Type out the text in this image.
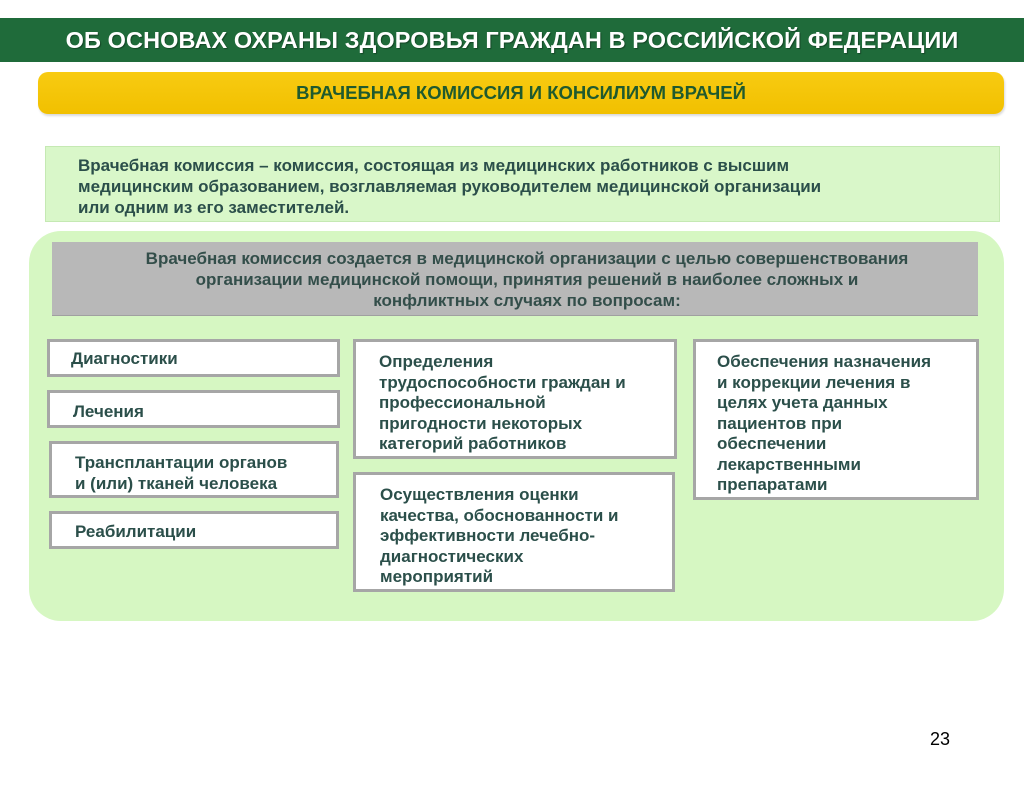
ОБ ОСНОВАХ ОХРАНЫ ЗДОРОВЬЯ ГРАЖДАН В РОССИЙСКОЙ ФЕДЕРАЦИИ
ВРАЧЕБНАЯ КОМИССИЯ И КОНСИЛИУМ ВРАЧЕЙ

Врачебная комиссия – комиссия, состоящая из медицинских работников с высшим
медицинским образованием, возглавляемая руководителем медицинской организации
или одним из его заместителей.

Врачебная комиссия создается в медицинской организации с целью совершенствования
организации медицинской помощи, принятия решений в наиболее сложных и
конфликтных случаях по вопросам:

Диагностики

Лечения

Трансплантации органов
и (или) тканей человека

Реабилитации

Определения
трудоспособности граждан и
профессиональной
пригодности некоторых
категорий работников

Осуществления оценки
качества, обоснованности и
эффективности лечебно-
диагностических
мероприятий

Обеспечения назначения
и коррекции лечения в
целях учета данных
пациентов при
обеспечении
лекарственными
препаратами

23
